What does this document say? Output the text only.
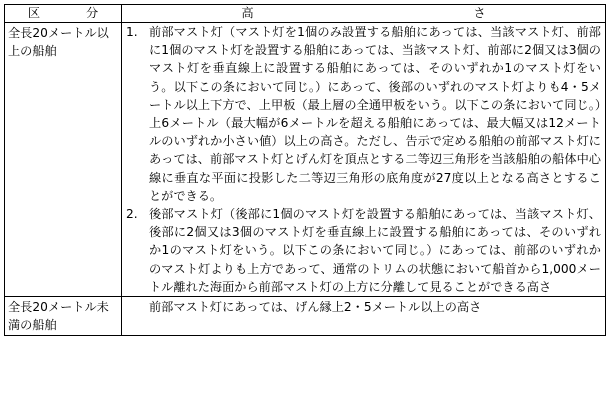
区 分	高 さ
全長20メートル以上の船舶	1. 前部マスト灯（マスト灯を1個のみ設置する船舶にあっては、当該マスト灯、前部に1個のマスト灯を設置する船舶にあっては、当該マスト灯、前部に2個又は3個のマスト灯を垂直線上に設置する船舶にあっては、そのいずれか1のマスト灯をいう。以下この条において同じ。）にあって、後部のいずれのマスト灯よりも4・5メートル以上下方で、上甲板（最上層の全通甲板をいう。以下この条において同じ。）上6メートル（最大幅が6メートルを超える船舶にあっては、最大幅又は12メートルのいずれか小さい値）以上の高さ。ただし、告示で定める船舶の前部マスト灯にあっては、前部マスト灯とげん灯を頂点とする二等辺三角形を当該船舶の船体中心線に垂直な平面に投影した二等辺三角形の底角度が27度以上となる高さとすることができる。
2. 後部マスト灯（後部に1個のマスト灯を設置する船舶にあっては、当該マスト灯、後部に2個又は3個のマスト灯を垂直線上に設置する船舶にあっては、そのいずれか1のマスト灯をいう。以下この条において同じ。）にあっては、前部のいずれかのマスト灯よりも上方であって、通常のトリムの状態において船首から1,000メートル離れた海面から前部マスト灯の上方に分離して見ることができる高さ

全長20メートル未満の船舶	前部マスト灯にあっては、げん縁上2・5メートル以上の高さ
